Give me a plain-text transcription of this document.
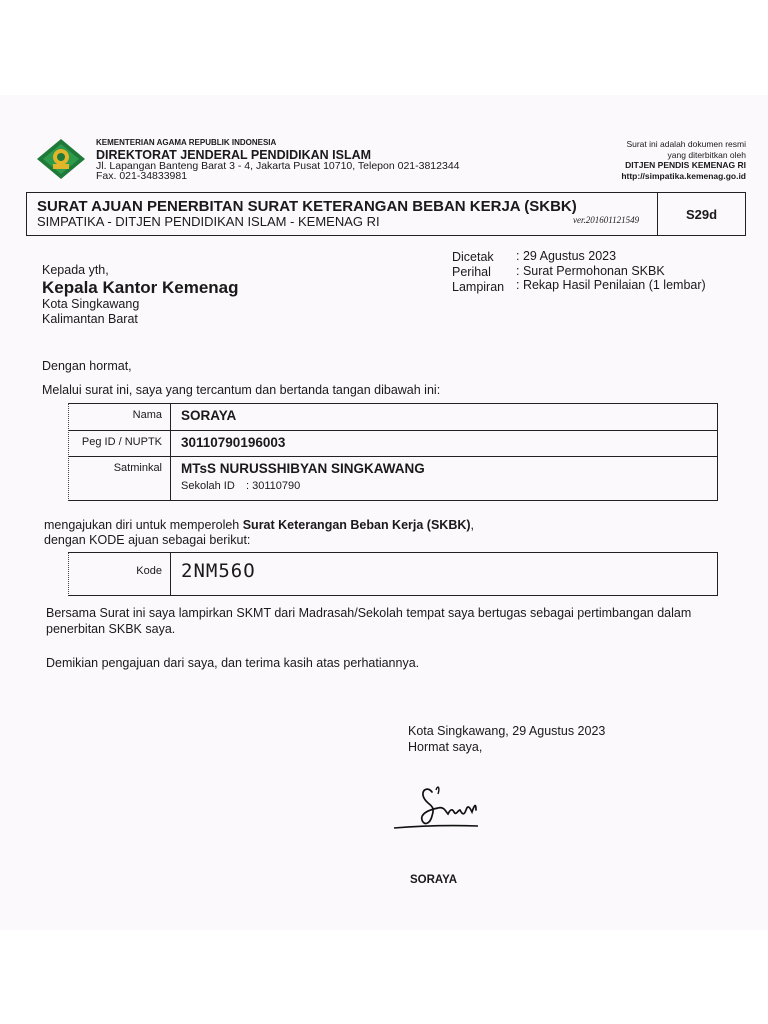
KEMENTERIAN AGAMA REPUBLIK INDONESIA
DIREKTORAT JENDERAL PENDIDIKAN ISLAM
Jl. Lapangan Banteng Barat 3 - 4, Jakarta Pusat 10710, Telepon 021-3812344
Fax. 021-34833981
Surat ini adalah dokumen resmi
yang diterbitkan oleh
DITJEN PENDIS KEMENAG RI
http://simpatika.kemenag.go.id
SURAT AJUAN PENERBITAN SURAT KETERANGAN BEBAN KERJA (SKBK)
SIMPATIKA - DITJEN PENDIDIKAN ISLAM - KEMENAG RI	ver.201601121549	S29d
Kepada yth,
Kepala Kantor Kemenag
Kota Singkawang
Kalimantan Barat
Dicetak : 29 Agustus 2023
Perihal : Surat Permohonan SKBK
Lampiran : Rekap Hasil Penilaian (1 lembar)
Dengan hormat,
Melalui surat ini, saya yang tercantum dan bertanda tangan dibawah ini:
Nama	SORAYA
Peg ID / NUPTK	30110790196003
Satminkal	MTsS NURUSSHIBYAN SINGKAWANG
Sekolah ID : 30110790
mengajukan diri untuk memperoleh Surat Keterangan Beban Kerja (SKBK),
dengan KODE ajuan sebagai berikut:
Kode	2NM56O
Bersama Surat ini saya lampirkan SKMT dari Madrasah/Sekolah tempat saya bertugas sebagai pertimbangan dalam
penerbitan SKBK saya.
Demikian pengajuan dari saya, dan terima kasih atas perhatiannya.
Kota Singkawang, 29 Agustus 2023
Hormat saya,
SORAYA
